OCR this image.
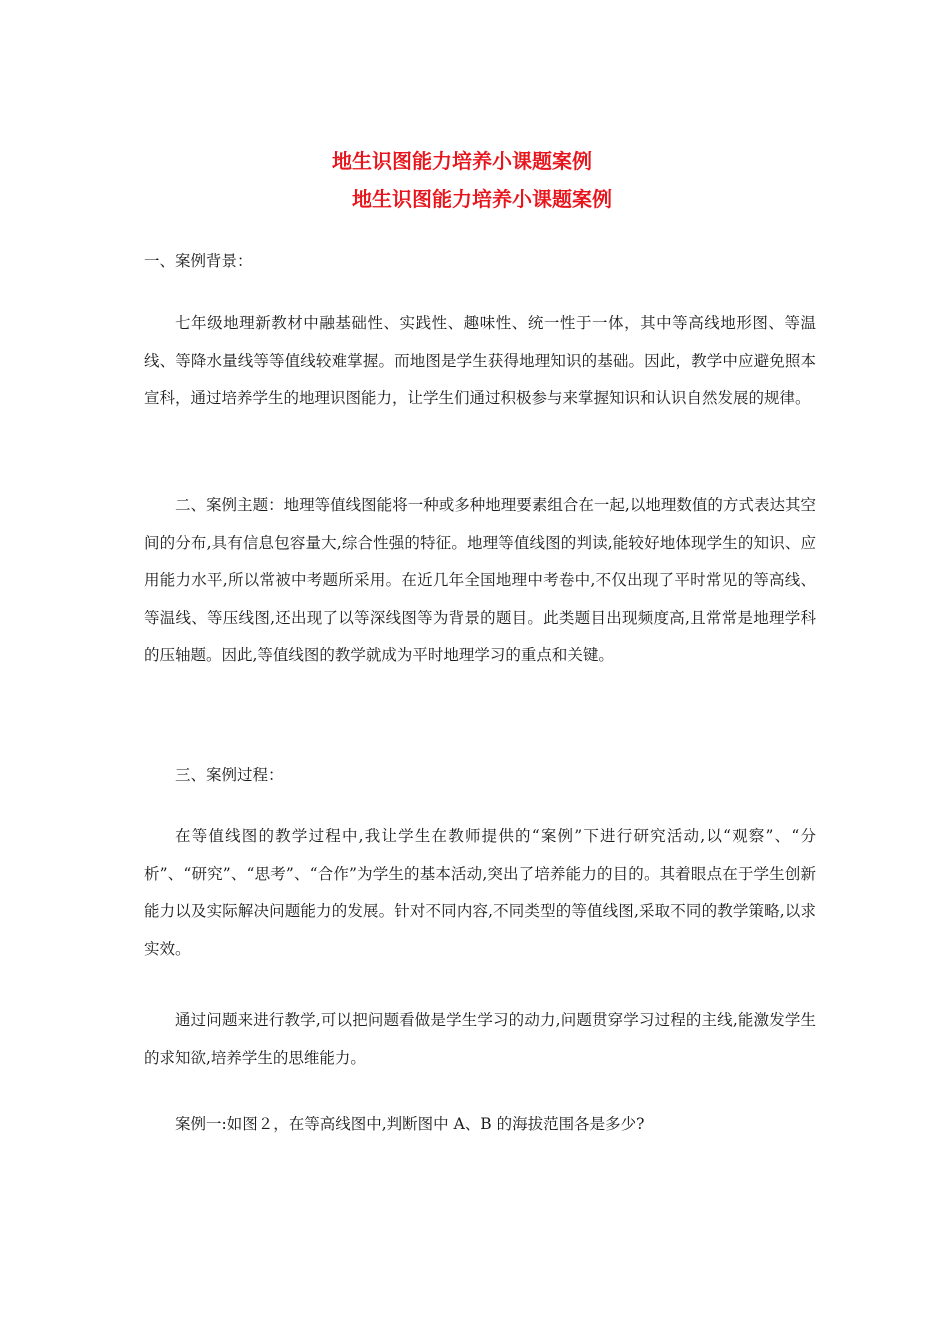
地生识图能力培养小课题案例
地生识图能力培养小课题案例

一、案例背景：

七年级地理新教材中融基础性、实践性、趣味性、统一性于一体，其中等高线地形图、等温线、等降水量线等等值线较难掌握。而地图是学生获得地理知识的基础。因此，教学中应避免照本宣科，通过培养学生的地理识图能力，让学生们通过积极参与来掌握知识和认识自然发展的规律。

二、案例主题：地理等值线图能将一种或多种地理要素组合在一起,以地理数值的方式表达其空间的分布,具有信息包容量大,综合性强的特征。地理等值线图的判读,能较好地体现学生的知识、应用能力水平,所以常被中考题所采用。在近几年全国地理中考卷中,不仅出现了平时常见的等高线、等温线、等压线图,还出现了以等深线图等为背景的题目。此类题目出现频度高,且常常是地理学科的压轴题。因此,等值线图的教学就成为平时地理学习的重点和关键。

三、案例过程：

在等值线图的教学过程中,我让学生在教师提供的“案例”下进行研究活动,以“观察”、“分析”、“研究”、“思考”、“合作”为学生的基本活动,突出了培养能力的目的。其着眼点在于学生创新能力以及实际解决问题能力的发展。针对不同内容,不同类型的等值线图,采取不同的教学策略,以求实效。

通过问题来进行教学,可以把问题看做是学生学习的动力,问题贯穿学习过程的主线,能激发学生的求知欲,培养学生的思维能力。

案例一:如图２，在等高线图中,判断图中 A、B 的海拔范围各是多少?
